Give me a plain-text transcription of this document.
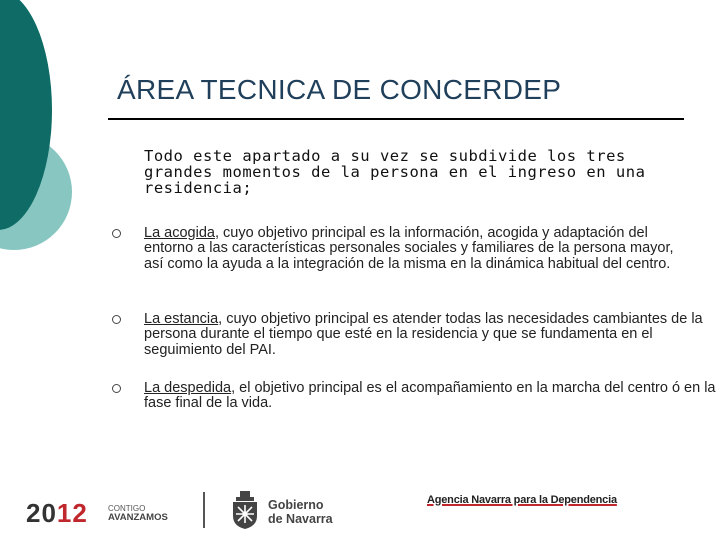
ÁREA TECNICA DE CONCERDEP
Todo este apartado a su vez se subdivide los tres grandes momentos de la persona en el ingreso en una residencia;
La acogida, cuyo objetivo principal es la información, acogida y adaptación del entorno a las características personales sociales y familiares de la persona mayor, así como la ayuda a la integración de la misma en la dinámica habitual del centro.
La estancia, cuyo objetivo principal es atender todas las necesidades cambiantes de la persona durante el tiempo que esté en la residencia y que se fundamenta en el seguimiento del PAI.
La despedida, el objetivo principal es el acompañamiento en la marcha del centro ó en la fase final de la vida.
2012	CONTIGO
AVANZAMOS
Gobierno
de Navarra
Agencia Navarra para la Dependencia
